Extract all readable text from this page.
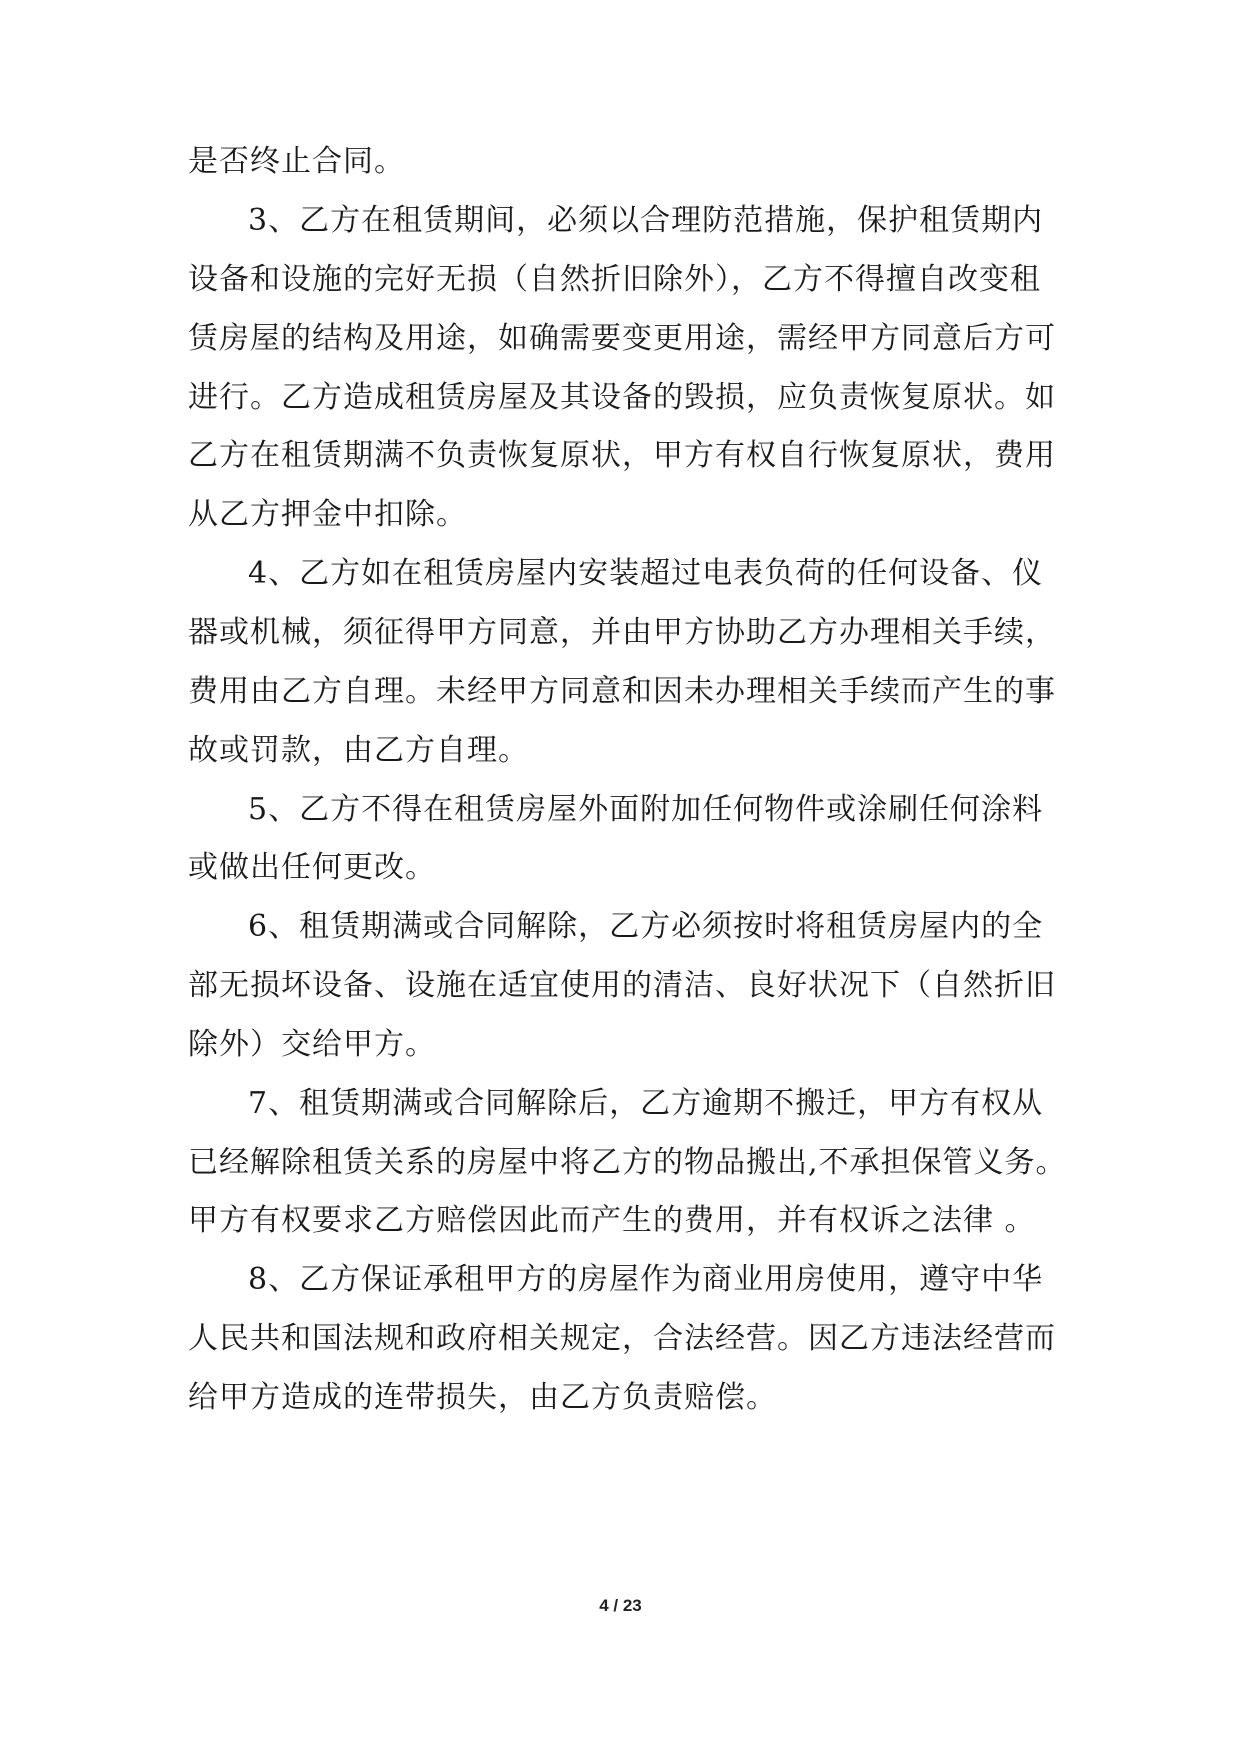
是否终止合同。
3、乙方在租赁期间，必须以合理防范措施，保护租赁期内
设备和设施的完好无损（自然折旧除外），乙方不得擅自改变租
赁房屋的结构及用途，如确需要变更用途，需经甲方同意后方可
进行。乙方造成租赁房屋及其设备的毁损，应负责恢复原状。如
乙方在租赁期满不负责恢复原状，甲方有权自行恢复原状，费用
从乙方押金中扣除。
4、乙方如在租赁房屋内安装超过电表负荷的任何设备、仪
器或机械，须征得甲方同意，并由甲方协助乙方办理相关手续，
费用由乙方自理。未经甲方同意和因未办理相关手续而产生的事
故或罚款，由乙方自理。
5、乙方不得在租赁房屋外面附加任何物件或涂刷任何涂料
或做出任何更改。
6、租赁期满或合同解除，乙方必须按时将租赁房屋内的全
部无损坏设备、设施在适宜使用的清洁、良好状况下（自然折旧
除外）交给甲方。
7、租赁期满或合同解除后，乙方逾期不搬迁，甲方有权从
已经解除租赁关系的房屋中将乙方的物品搬出,不承担保管义务。
甲方有权要求乙方赔偿因此而产生的费用，并有权诉之法律 。
8、乙方保证承租甲方的房屋作为商业用房使用，遵守中华
人民共和国法规和政府相关规定，合法经营。因乙方违法经营而
给甲方造成的连带损失，由乙方负责赔偿。
4 / 23
